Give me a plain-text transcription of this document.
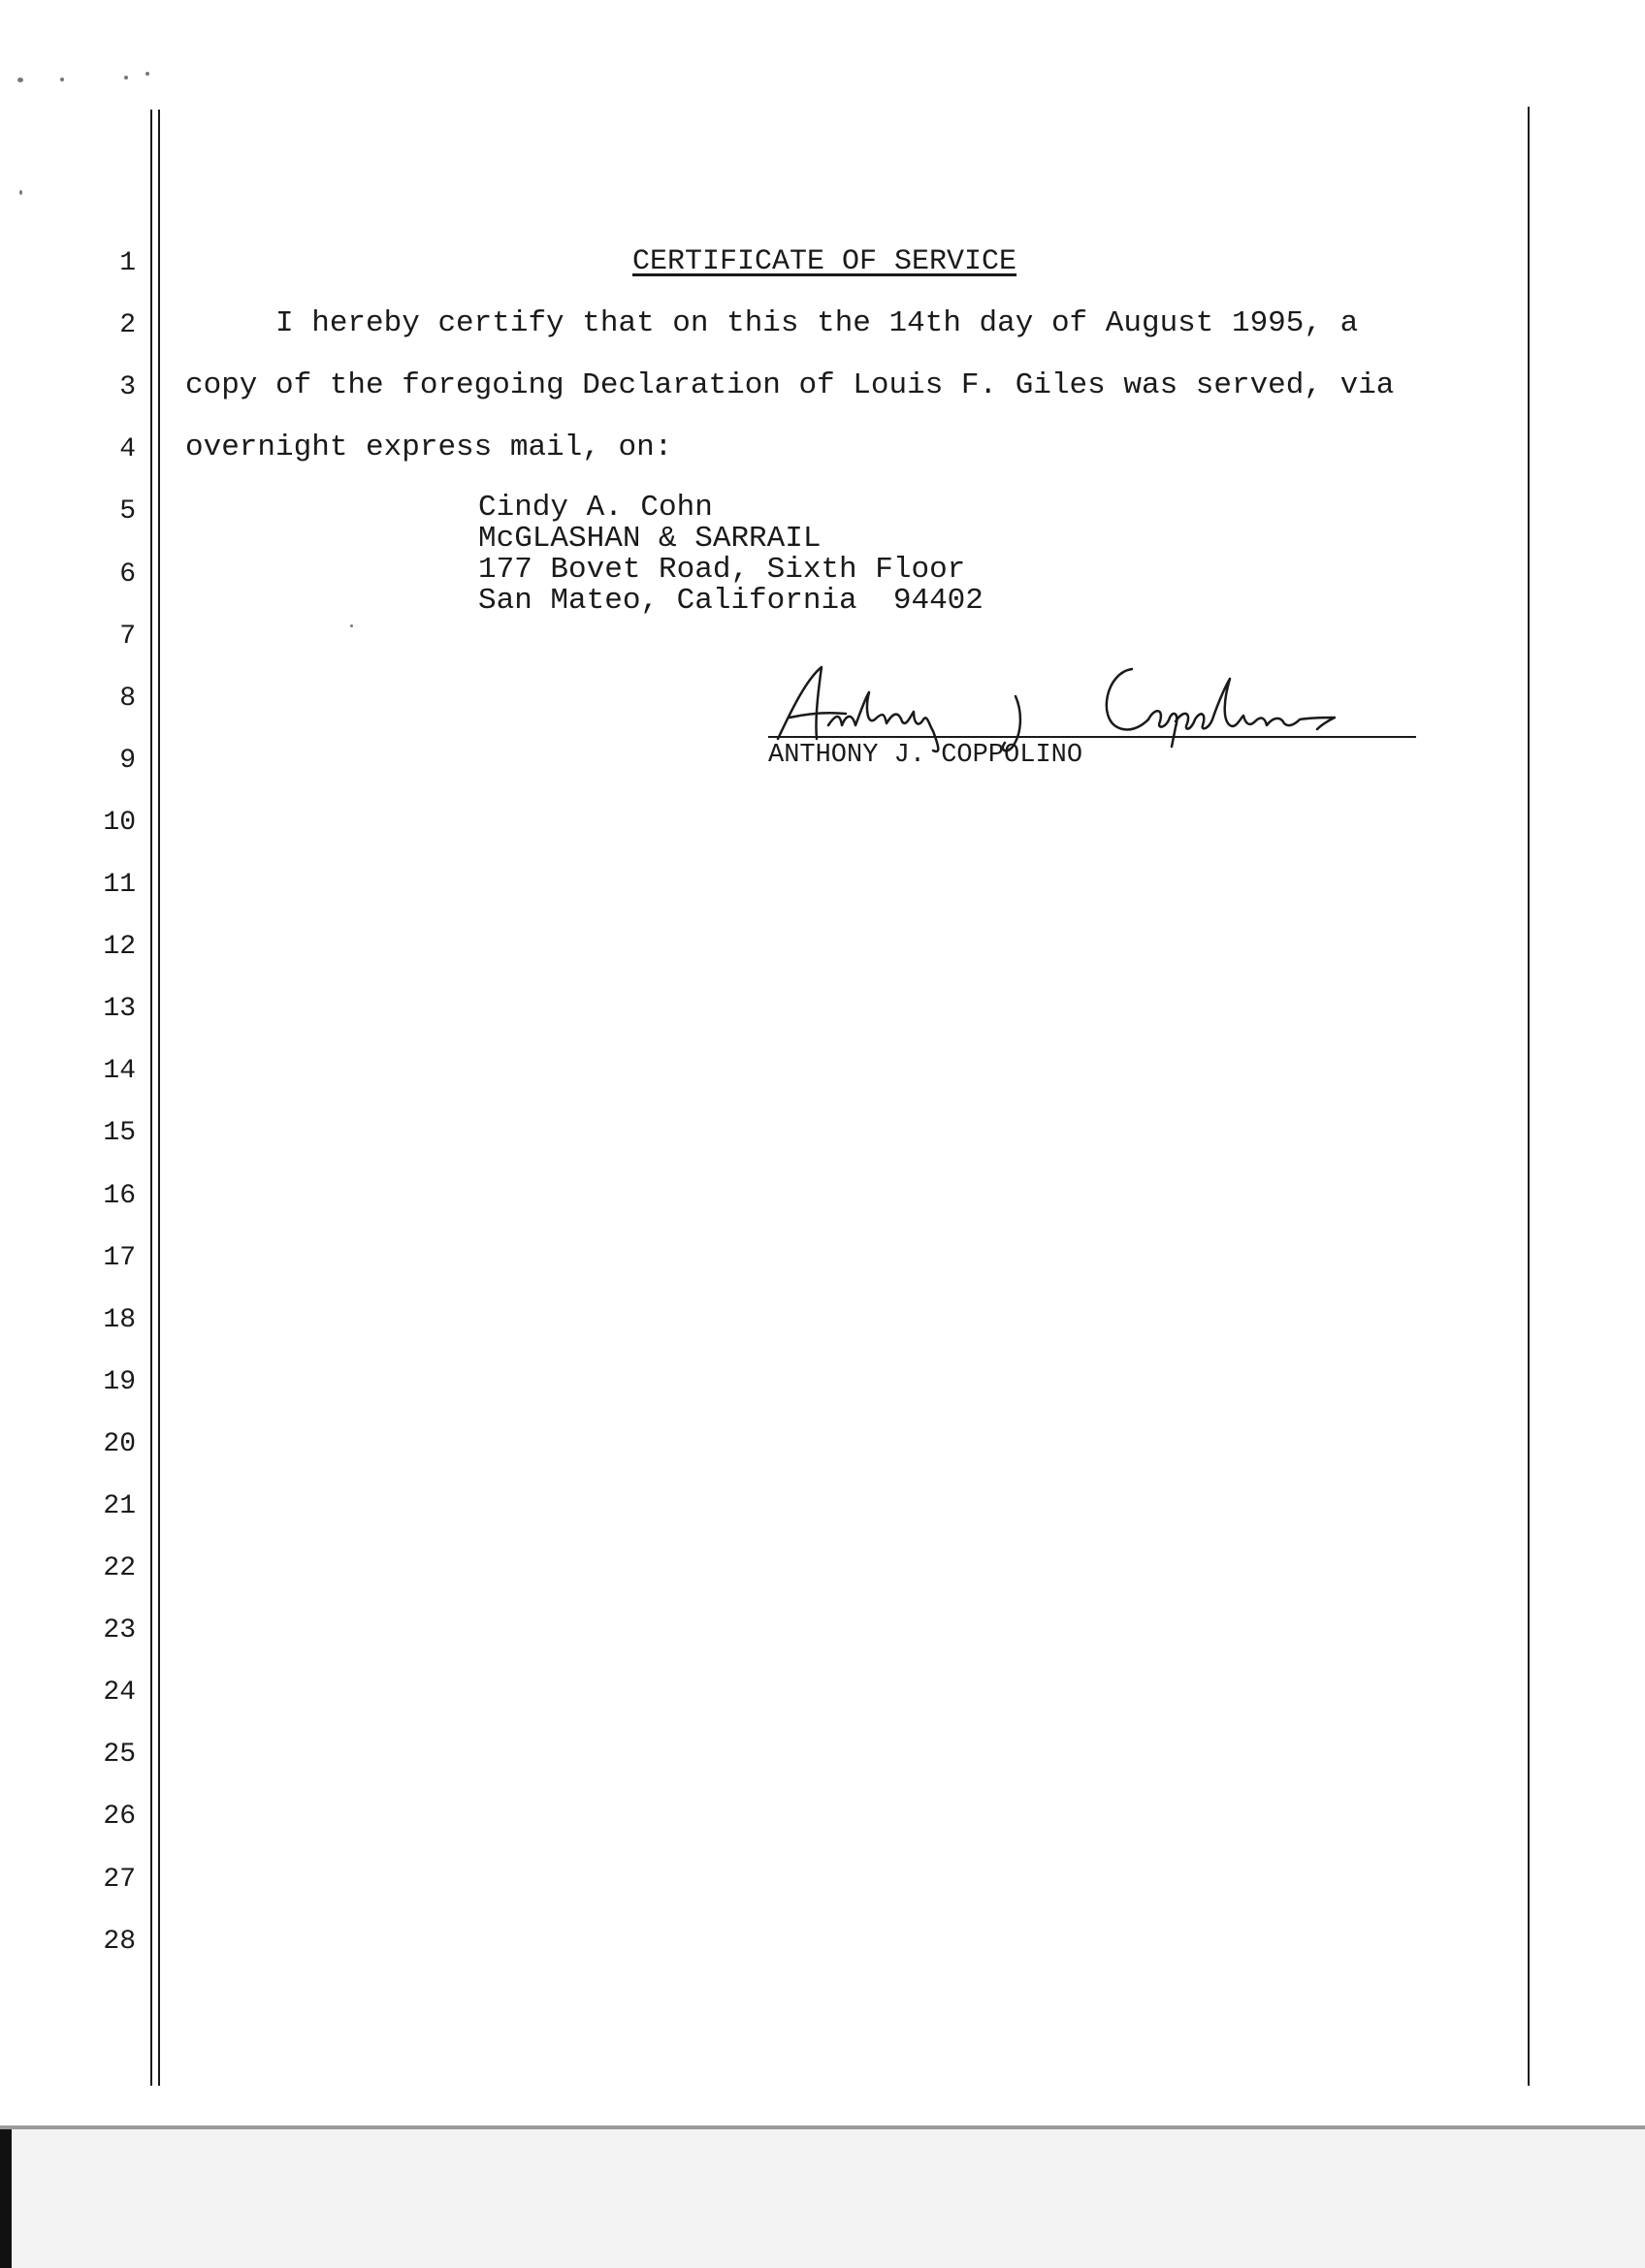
1
2
3
4
5
6
7
8
9
10
11
12
13
14
15
16
17
18
19
20
21
22
23
24
25
26
27
28
CERTIFICATE OF SERVICE
I hereby certify that on this the 14th day of August 1995, a
copy of the foregoing Declaration of Louis F. Giles was served, via
overnight express mail, on:
Cindy A. Cohn
McGLASHAN & SARRAIL
177 Bovet Road, Sixth Floor
San Mateo, California  94402
ANTHONY J. COPPOLINO
